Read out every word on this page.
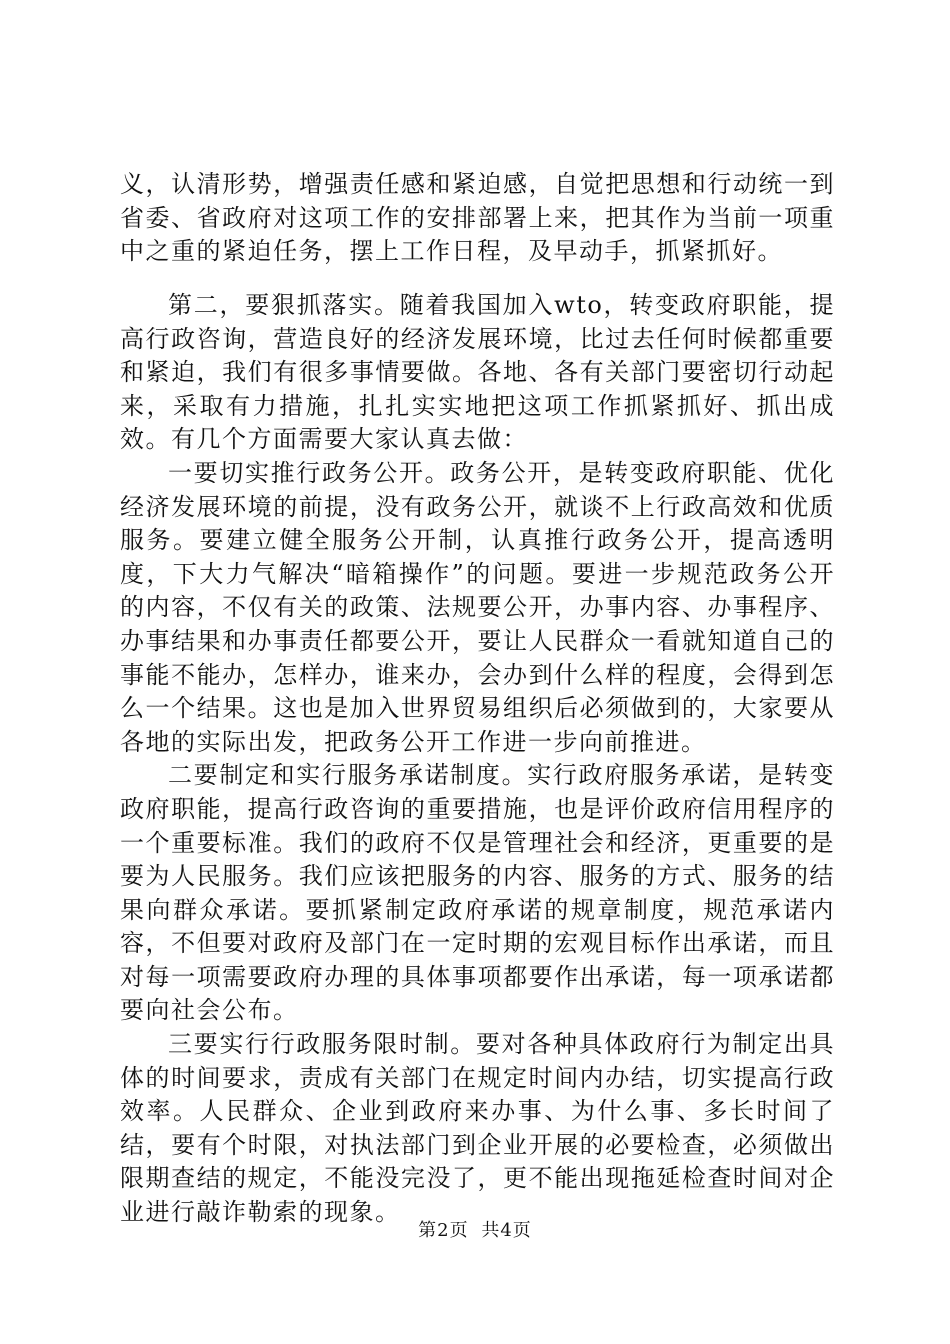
义，认清形势，增强责任感和紧迫感，自觉把思想和行动统一到省委、省政府对这项工作的安排部署上来，把其作为当前一项重中之重的紧迫任务，摆上工作日程，及早动手，抓紧抓好。

第二，要狠抓落实。随着我国加入wto，转变政府职能，提高行政咨询，营造良好的经济发展环境，比过去任何时候都重要和紧迫，我们有很多事情要做。各地、各有关部门要密切行动起来，采取有力措施，扎扎实实地把这项工作抓紧抓好、抓出成效。有几个方面需要大家认真去做：

一要切实推行政务公开。政务公开，是转变政府职能、优化经济发展环境的前提，没有政务公开，就谈不上行政高效和优质服务。要建立健全服务公开制，认真推行政务公开，提高透明度，下大力气解决“暗箱操作”的问题。要进一步规范政务公开的内容，不仅有关的政策、法规要公开，办事内容、办事程序、办事结果和办事责任都要公开，要让人民群众一看就知道自己的事能不能办，怎样办，谁来办，会办到什么样的程度，会得到怎么一个结果。这也是加入世界贸易组织后必须做到的，大家要从各地的实际出发，把政务公开工作进一步向前推进。

二要制定和实行服务承诺制度。实行政府服务承诺，是转变政府职能，提高行政咨询的重要措施，也是评价政府信用程序的一个重要标准。我们的政府不仅是管理社会和经济，更重要的是要为人民服务。我们应该把服务的内容、服务的方式、服务的结果向群众承诺。要抓紧制定政府承诺的规章制度，规范承诺内容，不但要对政府及部门在一定时期的宏观目标作出承诺，而且对每一项需要政府办理的具体事项都要作出承诺，每一项承诺都要向社会公布。

三要实行行政服务限时制。要对各种具体政府行为制定出具体的时间要求，责成有关部门在规定时间内办结，切实提高行政效率。人民群众、企业到政府来办事、为什么事、多长时间了结，要有个时限，对执法部门到企业开展的必要检查，必须做出限期查结的规定，不能没完没了，更不能出现拖延检查时间对企业进行敲诈勒索的现象。

第2页 共4页
